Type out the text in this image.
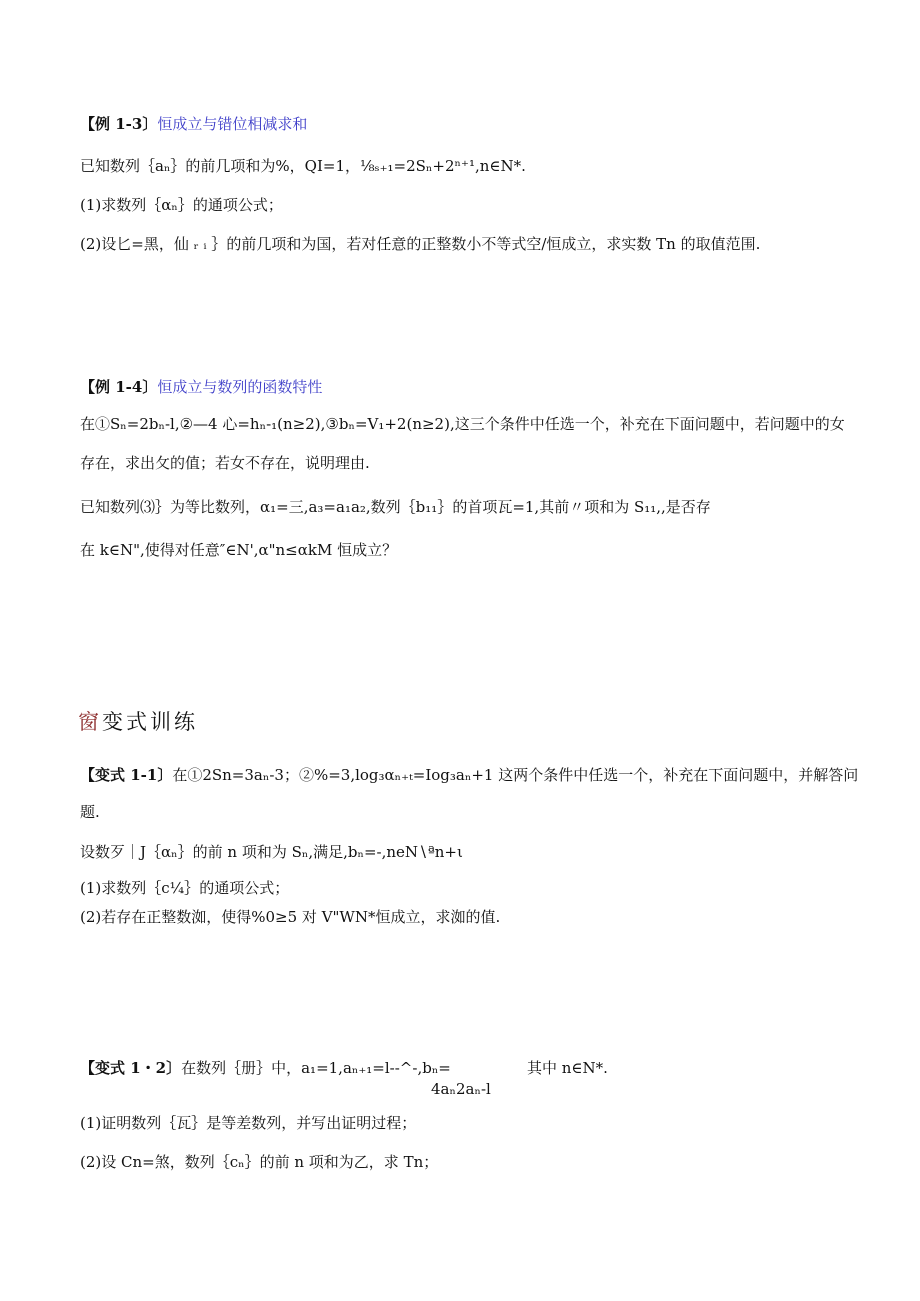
【例 1-3〕恒成立与错位相减求和
已知数列｛aₙ｝的前几项和为%，QI=1，⅛ₛ₊₁=2Sₙ+2ⁿ⁺¹,n∈N*.
(1)求数列｛αₙ｝的通项公式；
(2)设匕=黑，仙 ᵣ ᵢ ｝的前几项和为国，若对任意的正整数小不等式空/恒成立，求实数 Tn 的取值范围.
【例 1-4〕恒成立与数列的函数特性
在①Sₙ=2bₙ-l,②—4 心=hₙ-₁(n≥2),③bₙ=V₁+2(n≥2),这三个条件中任选一个，补充在下面问题中，若问题中的女
存在，求出攵的值；若女不存在，说明理由.
已知数列⑶｝为等比数列，α₁=三,a₃=a₁a₂,数列｛b₁₁｝的首项瓦=1,其前〃项和为 S₁₁,,是否存
在 k∈N",使得对任意″∈N',α"n≤αkM 恒成立？
窗变式训练
【变式 1-1〕在①2Sn=3aₙ-3；②%=3,log₃αₙ₊ₜ=Iog₃aₙ+1 这两个条件中任选一个，补充在下面问题中，并解答问
题.
设数歹｜J｛αₙ｝的前 n 项和为 Sₙ,满足,bₙ=-,neN∖ªn+ι
(1)求数列｛c¼｝的通项公式；
(2)若存在正整数洳，使得%0≥5 对 V"WN*恒成立，求洳的值.
【变式 1・2〕在数列｛册｝中，a₁=1,aₙ₊₁=l--^-,bₙ=
4aₙ2aₙ-l
其中 n∈N*.
(1)证明数列｛瓦｝是等差数列，并写出证明过程；
(2)设 Cn=煞，数列｛cₙ｝的前 n 项和为乙，求 Tn；
